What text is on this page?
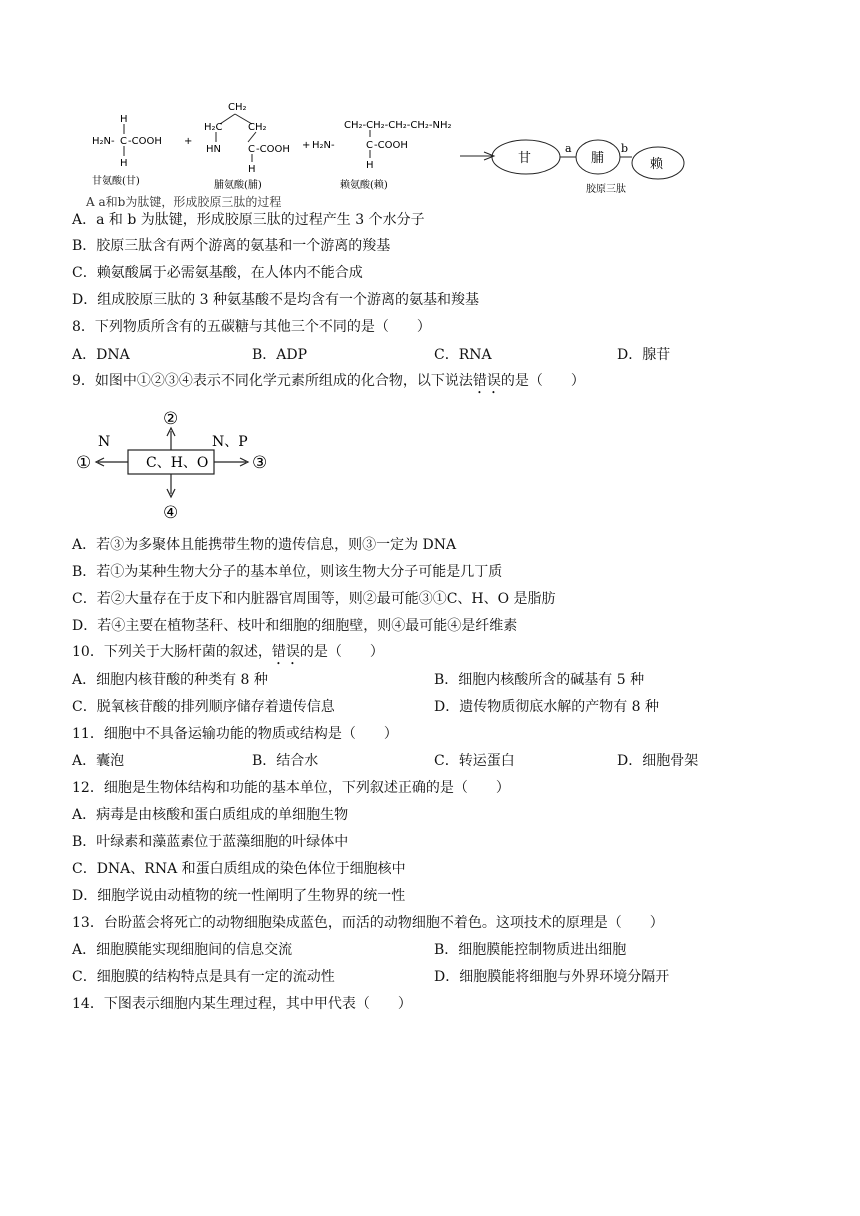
H
H₂N- C -COOH
H
甘氨酸(甘)
+
CH₂
H₂C	CH₂
HN	C -COOH
H
脯氨酸(脯)
+
CH₂-CH₂-CH₂-CH₂-NH₂
H₂N-	C -COOH
H
赖氨酸(赖)
甘
a
脯
b
赖
胶原三肽
A a和b为肽键，形成胶原三肽的过程
A．a 和 b 为肽键，形成胶原三肽的过程产生 3 个水分子
B．胶原三肽含有两个游离的氨基和一个游离的羧基
C．赖氨酸属于必需氨基酸，在人体内不能合成
D．组成胶原三肽的 3 种氨基酸不是均含有一个游离的氨基和羧基
8．下列物质所含有的五碳糖与其他三个不同的是（　　）
A．DNA	B．ADP	C．RNA	D．腺苷
9．如图中①②③④表示不同化学元素所组成的化合物，以下说法错误的是（　　）
C、H、O
N	N、P
①
②
③
④
A．若③为多聚体且能携带生物的遗传信息，则③一定为 DNA
B．若①为某种生物大分子的基本单位，则该生物大分子可能是几丁质
C．若②大量存在于皮下和内脏器官周围等，则②最可能③①C、H、O 是脂肪
D．若④主要在植物茎秆、枝叶和细胞的细胞壁，则④最可能④是纤维素
10．下列关于大肠杆菌的叙述，错误的是（　　）
A．细胞内核苷酸的种类有 8 种	B．细胞内核酸所含的碱基有 5 种
C．脱氧核苷酸的排列顺序储存着遗传信息	D．遗传物质彻底水解的产物有 8 种
11．细胞中不具备运输功能的物质或结构是（　　）
A．囊泡	B．结合水	C．转运蛋白	D．细胞骨架
12．细胞是生物体结构和功能的基本单位，下列叙述正确的是（　　）
A．病毒是由核酸和蛋白质组成的单细胞生物
B．叶绿素和藻蓝素位于蓝藻细胞的叶绿体中
C．DNA、RNA 和蛋白质组成的染色体位于细胞核中
D．细胞学说由动植物的统一性阐明了生物界的统一性
13．台盼蓝会将死亡的动物细胞染成蓝色，而活的动物细胞不着色。这项技术的原理是（　　）
A．细胞膜能实现细胞间的信息交流	B．细胞膜能控制物质进出细胞
C．细胞膜的结构特点是具有一定的流动性	D．细胞膜能将细胞与外界环境分隔开
14．下图表示细胞内某生理过程，其中甲代表（　　）
